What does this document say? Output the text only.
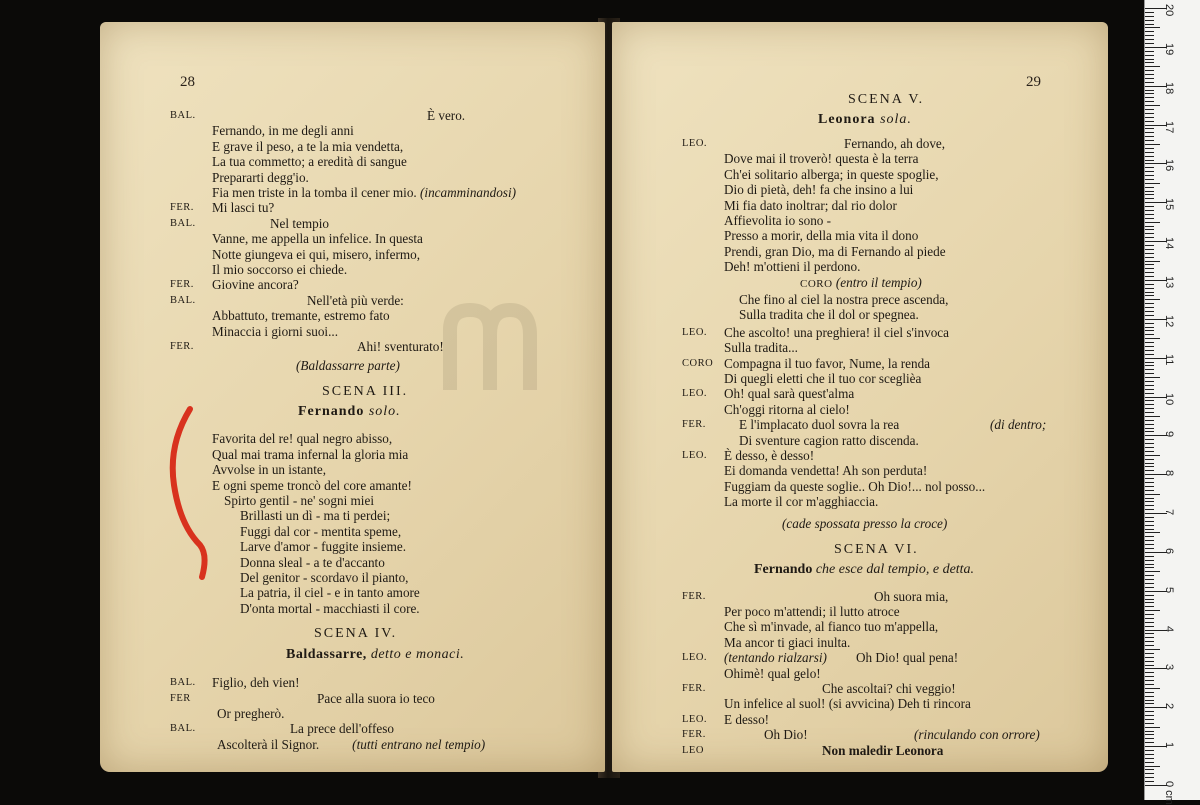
28
BAL.	È vero.
Fernando, in me degli anni
E grave il peso, a te la mia vendetta,
La tua commetto; a eredità di sangue
Prepararti degg'io.
Fia men triste in la tomba il cener mio. (incamminandosi)
FER. Mi lasci tu?
BAL.	Nel tempio
Vanne, me appella un infelice. In questa
Notte giungeva ei qui, misero, infermo,
Il mio soccorso ei chiede.
FER. Giovine ancora?
BAL.	Nell'età più verde:
Abbattuto, tremante, estremo fato
Minaccia i giorni suoi...
FER.	Ahi! sventurato!
(Baldassarre parte)
SCENA III.
Fernando solo.
Favorita del re! qual negro abisso,
Qual mai trama infernal la gloria mia
Avvolse in un istante,
E ogni speme troncò del core amante!
Spirto gentil - ne' sogni miei
Brillasti un dì - ma ti perdei;
Fuggi dal cor - mentita speme,
Larve d'amor - fuggite insieme.
Donna sleal - a te d'accanto
Del genitor - scordavo il pianto,
La patria, il ciel - e in tanto amore
D'onta mortal - macchiasti il core.
SCENA IV.
Baldassarre, detto e monaci.
BAL. Figlio, deh vien!
FER	Pace alla suora io teco
Or pregherò.
BAL.	La prece dell'offeso
Ascolterà il Signor.          (tutti entrano nel tempio)
29
SCENA V.
Leonora sola.
LEO.	Fernando, ah dove,
Dove mai il troverò! questa è la terra
Ch'ei solitario alberga; in queste spoglie,
Dio di pietà, deh! fa che insino a lui
Mi fia dato inoltrar; dal rio dolor
Affievolita io sono -
Presso a morir, della mia vita il dono
Prendi, gran Dio, ma di Fernando al piede
Deh! m'ottieni il perdono.
CORO (entro il tempio)
Che fino al ciel la nostra prece ascenda,
Sulla tradita che il dol or spegnea.
LEO. Che ascolto! una preghiera! il ciel s'invoca
Sulla tradita...
CORO Compagna il tuo favor, Nume, la renda
Di quegli eletti che il tuo cor sceglièa
LEO. Oh! qual sarà quest'alma
Ch'oggi ritorna al cielo!
FER.	E l'implacato duol sovra la rea	(di dentro;
Di sventure cagion ratto discenda.
LEO. È desso, è desso!
Ei domanda vendetta! Ah son perduta!
Fuggiam da queste soglie.. Oh Dio!... nol posso...
La morte il cor m'agghiaccia.
(cade spossata presso la croce)
SCENA VI.
Fernando che esce dal tempio, e detta.
FER.	Oh suora mia,
Per poco m'attendi; il lutto atroce
Che sì m'invade, al fianco tuo m'appella,
Ma ancor ti giaci inulta.
LEO. (tentando rialzarsi) Oh Dio! qual pena!
Ohimè! qual gelo!
FER.	Che ascoltai? chi veggio!
Un infelice al suol! (si avvicina) Deh ti rincora
LEO. E desso!
FER.	Oh Dio!	(rinculando con orrore)
LEO	Non maledir Leonora
0 cm
1
2
3
4
5
6
7
8
9
10
11
12
13
14
15
16
17
18
19
20
